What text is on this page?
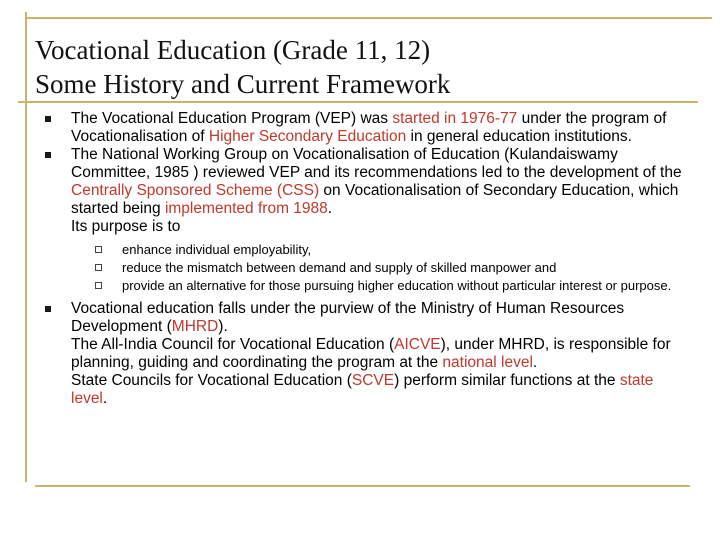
Vocational Education (Grade 11, 12)
Some History and Current Framework
The Vocational Education Program (VEP) was started in 1976-77 under the program of Vocationalisation of Higher Secondary Education in general education institutions.
The National Working Group on Vocationalisation of Education (Kulandaiswamy Committee, 1985 ) reviewed VEP and its recommendations led to the development of the Centrally Sponsored Scheme (CSS) on Vocationalisation of Secondary Education, which started being implemented from 1988.
Its purpose is to
enhance individual employability,
reduce the mismatch between demand and supply of skilled manpower and
provide an alternative for those pursuing higher education without particular interest or purpose.
Vocational education falls under the purview of the Ministry of Human Resources Development (MHRD).
The All-India Council for Vocational Education (AICVE), under MHRD, is responsible for planning, guiding and coordinating the program at the national level.
State Councils for Vocational Education (SCVE) perform similar functions at the state level.
